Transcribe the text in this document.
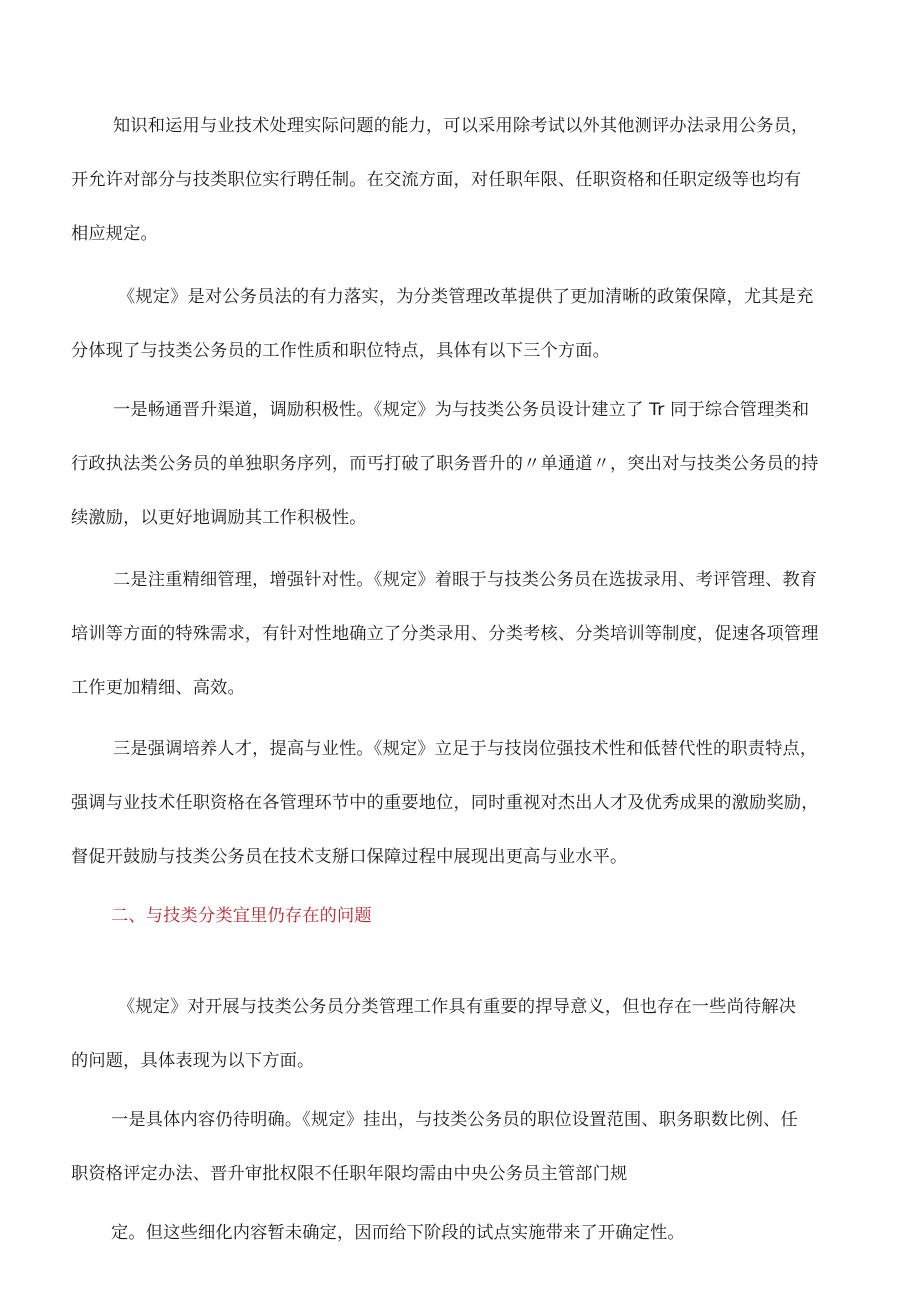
知识和运用与业技术处理实际问题的能力，可以采用除考试以外其他测评办法录用公务员，
开允许对部分与技类职位实行聘任制。在交流方面，对任职年限、任职资格和任职定级等也均有
相应规定。
《规定》是对公务员法的有力落实，为分类管理改革提供了更加清晰的政策保障，尤其是充
分体现了与技类公务员的工作性质和职位特点，具体有以下三个方面。
一是畅通晋升渠道，调励积极性。《规定》为与技类公务员设计建立了 Tr 同于综合管理类和
行政执法类公务员的单独职务序列，而丐打破了职务晋升的〃单通道〃，突出对与技类公务员的持
续激励，以更好地调励其工作积极性。
二是注重精细管理，增强针对性。《规定》着眼于与技类公务员在选拔录用、考评管理、教育
培训等方面的特殊需求，有针对性地确立了分类录用、分类考核、分类培训等制度，促速各项管理
工作更加精细、高效。
三是强调培养人才，提高与业性。《规定》立足于与技岗位强技术性和低替代性的职责特点，
强调与业技术任职资格在各管理环节中的重要地位，同时重视对杰出人才及优秀成果的激励奖励，
督促开鼓励与技类公务员在技术支掰口保障过程中展现出更高与业水平。
二、与技类分类宜里仍存在的问题
《规定》对开展与技类公务员分类管理工作具有重要的捍导意义，但也存在一些尚待解决
的问题，具体表现为以下方面。
一是具体内容仍待明确。《规定》挂出，与技类公务员的职位设置范围、职务职数比例、任
职资格评定办法、晋升审批权限不任职年限均需由中央公务员主管部门规
定。但这些细化内容暂未确定，因而给下阶段的试点实施带来了开确定性。
